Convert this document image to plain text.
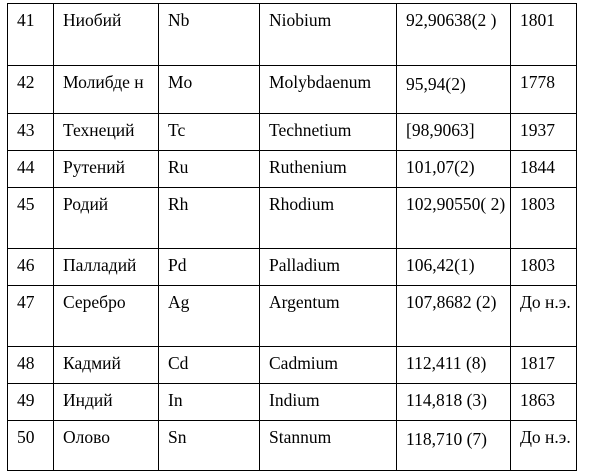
41	Ниобий	Nb	Niobium	92,90638(2 )	1801
42	Молибде н	Mo	Molybdaenum	95,94(2)	1778
43	Технеций	Tc	Technetium	[98,9063]	1937
44	Рутений	Ru	Ruthenium	101,07(2)	1844
45	Родий	Rh	Rhodium	102,90550( 2)	1803
46	Палладий	Pd	Palladium	106,42(1)	1803
47	Серебро	Ag	Argentum	107,8682 (2)	До н.э.
48	Кадмий	Cd	Cadmium	112,411 (8)	1817
49	Индий	In	Indium	114,818 (3)	1863
50	Олово	Sn	Stannum	118,710 (7)	До н.э.
